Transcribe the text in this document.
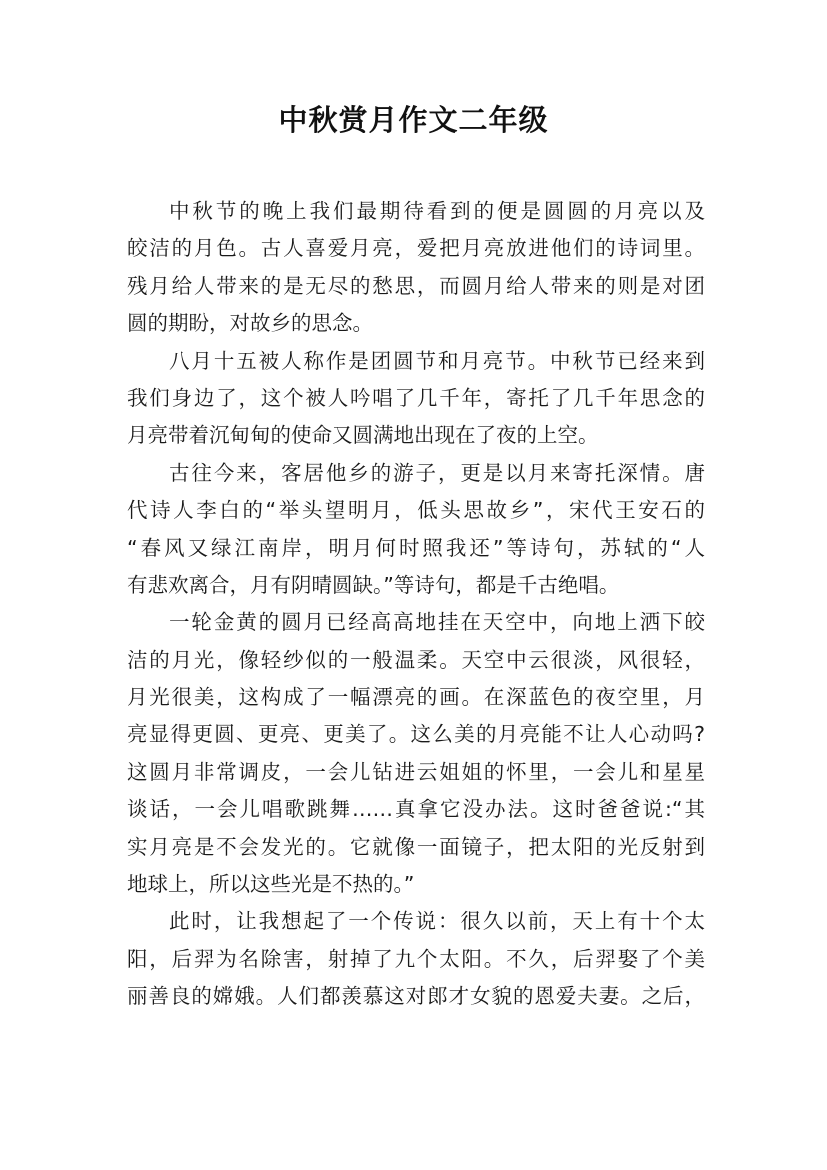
中秋赏月作文二年级
中秋节的晚上我们最期待看到的便是圆圆的月亮以及
皎洁的月色。古人喜爱月亮，爱把月亮放进他们的诗词里。
残月给人带来的是无尽的愁思，而圆月给人带来的则是对团
圆的期盼，对故乡的思念。
八月十五被人称作是团圆节和月亮节。中秋节已经来到
我们身边了，这个被人吟唱了几千年，寄托了几千年思念的
月亮带着沉甸甸的使命又圆满地出现在了夜的上空。
古往今来，客居他乡的游子，更是以月来寄托深情。唐
代诗人李白的“举头望明月，低头思故乡”，宋代王安石的
“春风又绿江南岸，明月何时照我还”等诗句，苏轼的“人
有悲欢离合，月有阴晴圆缺。”等诗句，都是千古绝唱。
一轮金黄的圆月已经高高地挂在天空中，向地上洒下皎
洁的月光，像轻纱似的一般温柔。天空中云很淡，风很轻，
月光很美，这构成了一幅漂亮的画。在深蓝色的夜空里，月
亮显得更圆、更亮、更美了。这么美的月亮能不让人心动吗?
这圆月非常调皮，一会儿钻进云姐姐的怀里，一会儿和星星
谈话，一会儿唱歌跳舞……真拿它没办法。这时爸爸说:“其
实月亮是不会发光的。它就像一面镜子，把太阳的光反射到
地球上，所以这些光是不热的。”
此时，让我想起了一个传说：很久以前，天上有十个太
阳，后羿为名除害，射掉了九个太阳。不久，后羿娶了个美
丽善良的嫦娥。人们都羡慕这对郎才女貌的恩爱夫妻。之后，
